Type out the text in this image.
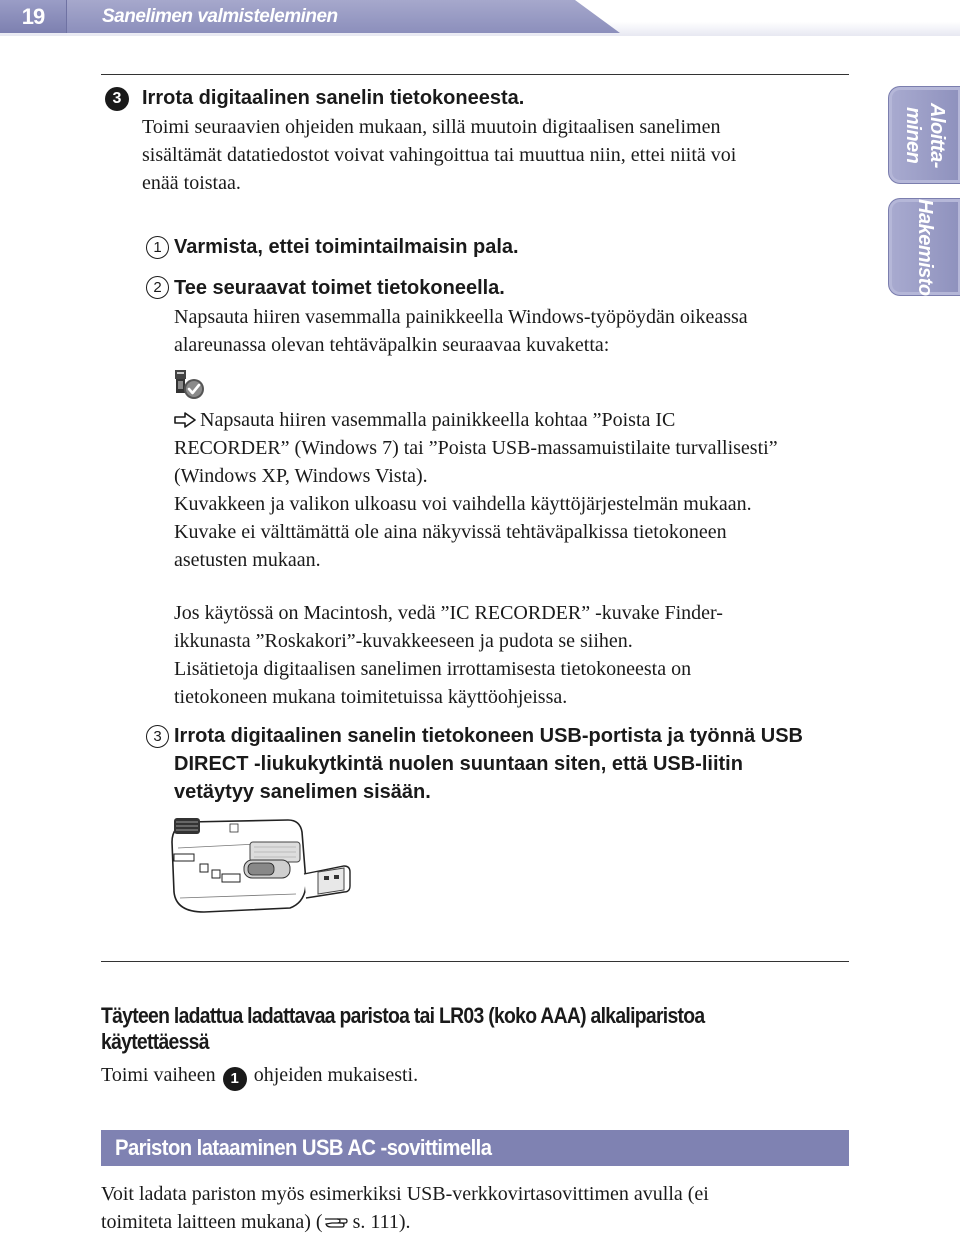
19	Sanelimen valmisteleminen
Aloitta-
minen
Hakemisto
3	Irrota digitaalinen sanelin tietokoneesta.
Toimi seuraavien ohjeiden mukaan, sillä muutoin digitaalisen sanelimen
sisältämät datatiedostot voivat vahingoittua tai muuttua niin, ettei niitä voi
enää toistaa.
1 Varmista, ettei toimintailmaisin pala.
2 Tee seuraavat toimet tietokoneella.
Napsauta hiiren vasemmalla painikkeella Windows-työpöydän oikeassa
alareunassa olevan tehtäväpalkin seuraavaa kuvaketta:
Napsauta hiiren vasemmalla painikkeella kohtaa ”Poista IC
RECORDER” (Windows 7) tai ”Poista USB-massamuistilaite turvallisesti”
(Windows XP, Windows Vista).
Kuvakkeen ja valikon ulkoasu voi vaihdella käyttöjärjestelmän mukaan.
Kuvake ei välttämättä ole aina näkyvissä tehtäväpalkissa tietokoneen
asetusten mukaan.
Jos käytössä on Macintosh, vedä ”IC RECORDER” -kuvake Finder-
ikkunasta ”Roskakori”-kuvakkeeseen ja pudota se siihen.
Lisätietoja digitaalisen sanelimen irrottamisesta tietokoneesta on
tietokoneen mukana toimitetuissa käyttöohjeissa.
3 Irrota digitaalinen sanelin tietokoneen USB-portista ja työnnä USB
DIRECT -liukukytkintä nuolen suuntaan siten, että USB-liitin
vetäytyy sanelimen sisään.
Täyteen ladattua ladattavaa paristoa tai LR03 (koko AAA) alkaliparistoa
käytettäessä
Toimi vaiheen 1 ohjeiden mukaisesti.
Pariston lataaminen USB AC -sovittimella
Voit ladata pariston myös esimerkiksi USB-verkkovirtasovittimen avulla (ei
toimiteta laitteen mukana) ( s. 111).
